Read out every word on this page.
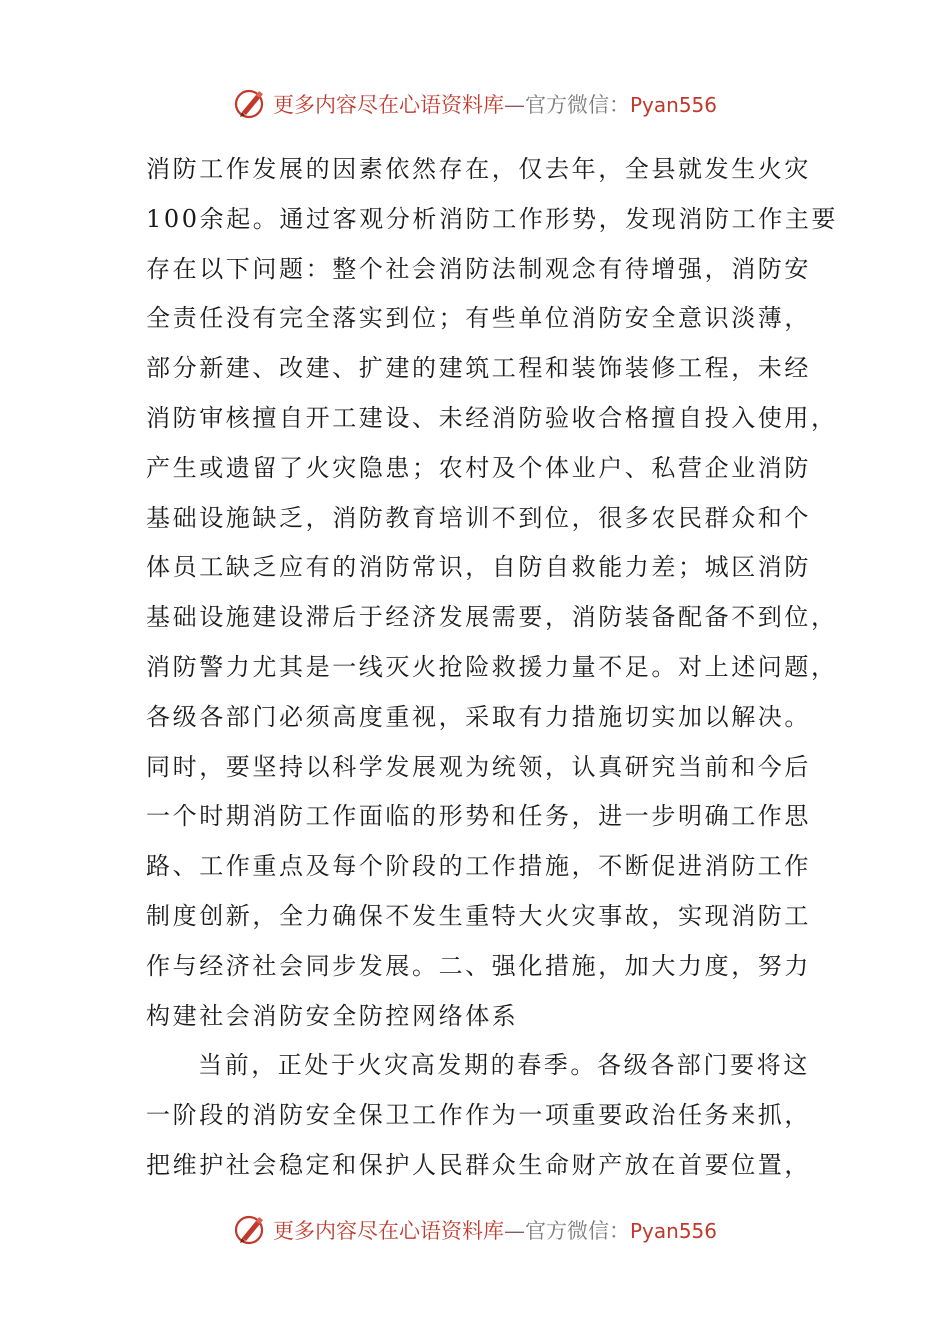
更多内容尽在心语资料库—官方微信：Pyan556
消防工作发展的因素依然存在，仅去年，全县就发生火灾
100余起。通过客观分析消防工作形势，发现消防工作主要
存在以下问题：整个社会消防法制观念有待增强，消防安
全责任没有完全落实到位；有些单位消防安全意识淡薄，
部分新建、改建、扩建的建筑工程和装饰装修工程，未经
消防审核擅自开工建设、未经消防验收合格擅自投入使用，
产生或遗留了火灾隐患；农村及个体业户、私营企业消防
基础设施缺乏，消防教育培训不到位，很多农民群众和个
体员工缺乏应有的消防常识，自防自救能力差；城区消防
基础设施建设滞后于经济发展需要，消防装备配备不到位，
消防警力尤其是一线灭火抢险救援力量不足。对上述问题，
各级各部门必须高度重视，采取有力措施切实加以解决。
同时，要坚持以科学发展观为统领，认真研究当前和今后
一个时期消防工作面临的形势和任务，进一步明确工作思
路、工作重点及每个阶段的工作措施，不断促进消防工作
制度创新，全力确保不发生重特大火灾事故，实现消防工
作与经济社会同步发展。二、强化措施，加大力度，努力
构建社会消防安全防控网络体系
当前，正处于火灾高发期的春季。各级各部门要将这
一阶段的消防安全保卫工作作为一项重要政治任务来抓，
把维护社会稳定和保护人民群众生命财产放在首要位置，
更多内容尽在心语资料库—官方微信：Pyan556
